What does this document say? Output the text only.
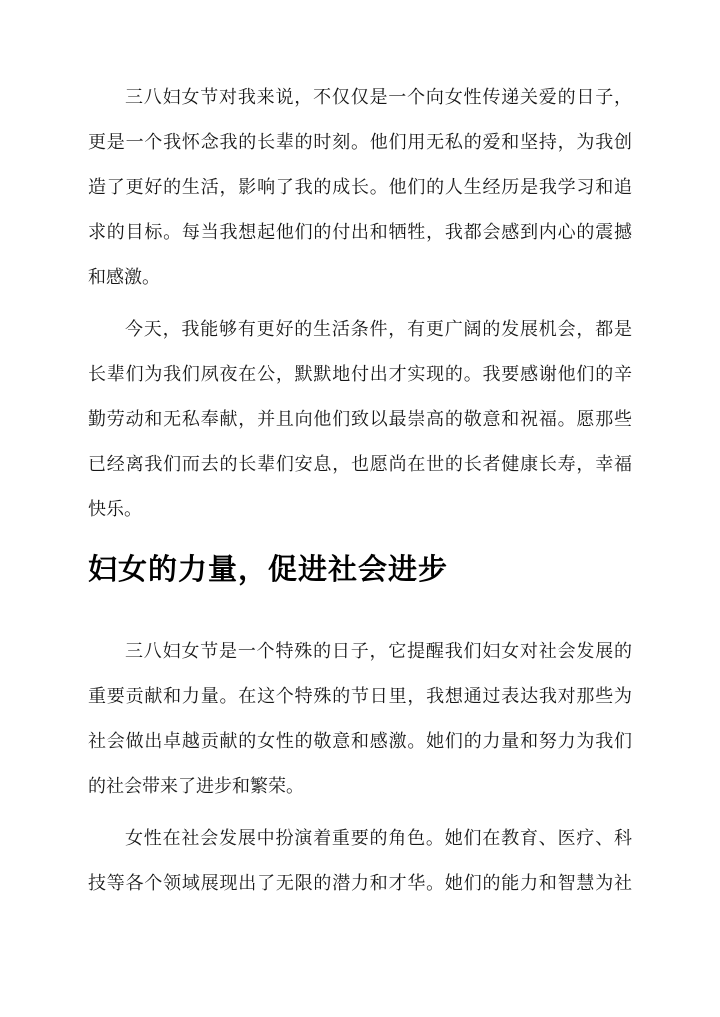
三八妇女节对我来说，不仅仅是一个向女性传递关爱的日子，
更是一个我怀念我的长辈的时刻。他们用无私的爱和坚持，为我创
造了更好的生活，影响了我的成长。他们的人生经历是我学习和追
求的目标。每当我想起他们的付出和牺牲，我都会感到内心的震撼
和感激。

今天，我能够有更好的生活条件，有更广阔的发展机会，都是
长辈们为我们夙夜在公，默默地付出才实现的。我要感谢他们的辛
勤劳动和无私奉献，并且向他们致以最崇高的敬意和祝福。愿那些
已经离我们而去的长辈们安息，也愿尚在世的长者健康长寿，幸福
快乐。

妇女的力量，促进社会进步

三八妇女节是一个特殊的日子，它提醒我们妇女对社会发展的
重要贡献和力量。在这个特殊的节日里，我想通过表达我对那些为
社会做出卓越贡献的女性的敬意和感激。她们的力量和努力为我们
的社会带来了进步和繁荣。

女性在社会发展中扮演着重要的角色。她们在教育、医疗、科
技等各个领域展现出了无限的潜力和才华。她们的能力和智慧为社
